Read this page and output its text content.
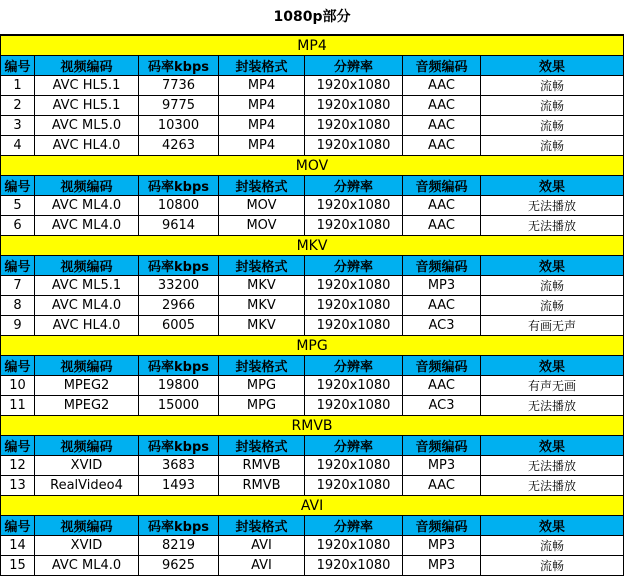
1080p部分
MP4						
编号	视频编码	码率kbps	封装格式	分辨率	音频编码	效果
1	AVC HL5.1	7736	MP4	1920x1080	AAC	流畅
2	AVC HL5.1	9775	MP4	1920x1080	AAC	流畅
3	AVC ML5.0	10300	MP4	1920x1080	AAC	流畅
4	AVC HL4.0	4263	MP4	1920x1080	AAC	流畅
MOV						
编号	视频编码	码率kbps	封装格式	分辨率	音频编码	效果
5	AVC ML4.0	10800	MOV	1920x1080	AAC	无法播放
6	AVC ML4.0	9614	MOV	1920x1080	AAC	无法播放
MKV						
编号	视频编码	码率kbps	封装格式	分辨率	音频编码	效果
7	AVC ML5.1	33200	MKV	1920x1080	MP3	流畅
8	AVC ML4.0	2966	MKV	1920x1080	AAC	流畅
9	AVC HL4.0	6005	MKV	1920x1080	AC3	有画无声
MPG						
编号	视频编码	码率kbps	封装格式	分辨率	音频编码	效果
10	MPEG2	19800	MPG	1920x1080	AAC	有声无画
11	MPEG2	15000	MPG	1920x1080	AC3	无法播放
RMVB						
编号	视频编码	码率kbps	封装格式	分辨率	音频编码	效果
12	XVID	3683	RMVB	1920x1080	MP3	无法播放
13	RealVideo4	1493	RMVB	1920x1080	AAC	无法播放
AVI						
编号	视频编码	码率kbps	封装格式	分辨率	音频编码	效果
14	XVID	8219	AVI	1920x1080	MP3	流畅
15	AVC ML4.0	9625	AVI	1920x1080	MP3	流畅
